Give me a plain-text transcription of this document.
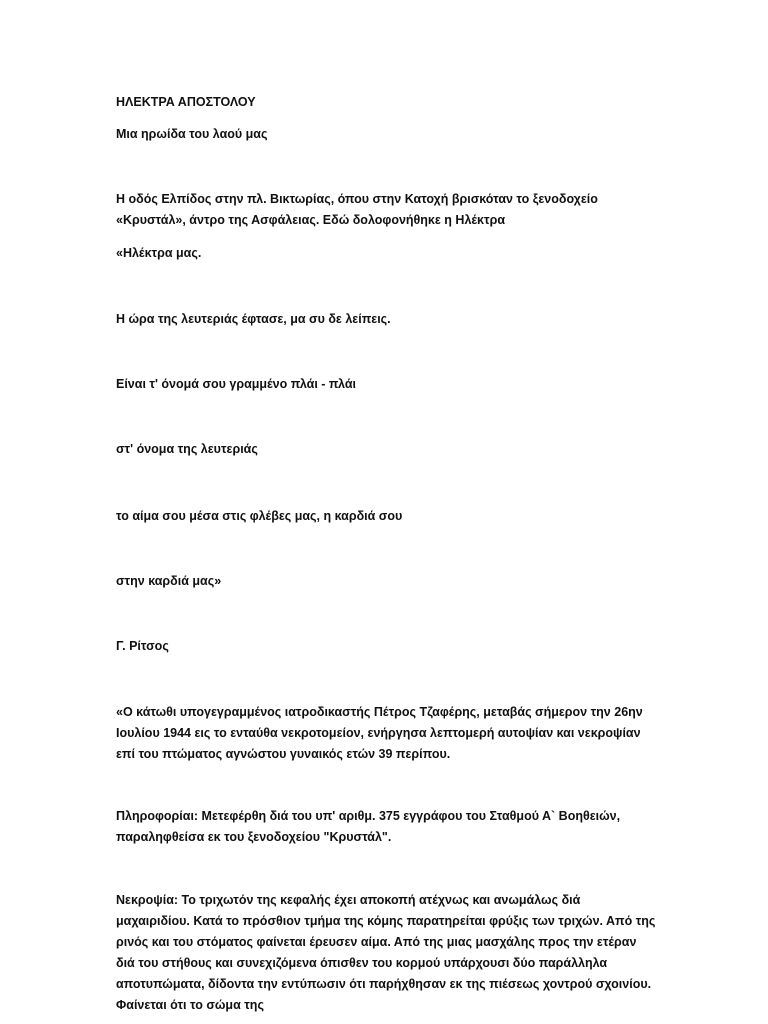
ΗΛΕΚΤΡΑ ΑΠΟΣΤΟΛΟΥ

Μια ηρωίδα του λαού μας

Η οδός Ελπίδος στην πλ. Βικτωρίας, όπου στην Κατοχή βρισκόταν το ξενοδοχείο «Κρυστάλ», άντρο της Ασφάλειας. Εδώ δολοφονήθηκε η Ηλέκτρα

«Ηλέκτρα μας.

Η ώρα της λευτεριάς έφτασε, μα συ δε λείπεις.

Είναι τ' όνομά σου γραμμένο πλάι - πλάι

στ' όνομα της λευτεριάς

το αίμα σου μέσα στις φλέβες μας, η καρδιά σου

στην καρδιά μας»

Γ. Ρίτσος

«Ο κάτωθι υπογεγραμμένος ιατροδικαστής Πέτρος Τζαφέρης, μεταβάς σήμερον την 26ην Ιουλίου 1944 εις το ενταύθα νεκροτομείον, ενήργησα λεπτομερή αυτοψίαν και νεκροψίαν επί του πτώματος αγνώστου γυναικός ετών 39 περίπου.

Πληροφορίαι: Μετεφέρθη διά του υπ' αριθμ. 375 εγγράφου του Σταθμού Α` Βοηθειών, παραληφθείσα εκ του ξενοδοχείου "Κρυστάλ".

Νεκροψία: Το τριχωτόν της κεφαλής έχει αποκοπή ατέχνως και ανωμάλως διά μαχαιριδίου. Κατά το πρόσθιον τμήμα της κόμης παρατηρείται φρύξις των τριχών. Από της ρινός και του στόματος φαίνεται έρευσεν αίμα. Από της μιας μασχάλης προς την ετέραν διά του στήθους και συνεχιζόμενα όπισθεν του κορμού υπάρχουσι δύο παράλληλα αποτυπώματα, δίδοντα την εντύπωσιν ότι παρήχθησαν εκ της πιέσεως χοντρού σχοινίου. Φαίνεται ότι το σώμα της
